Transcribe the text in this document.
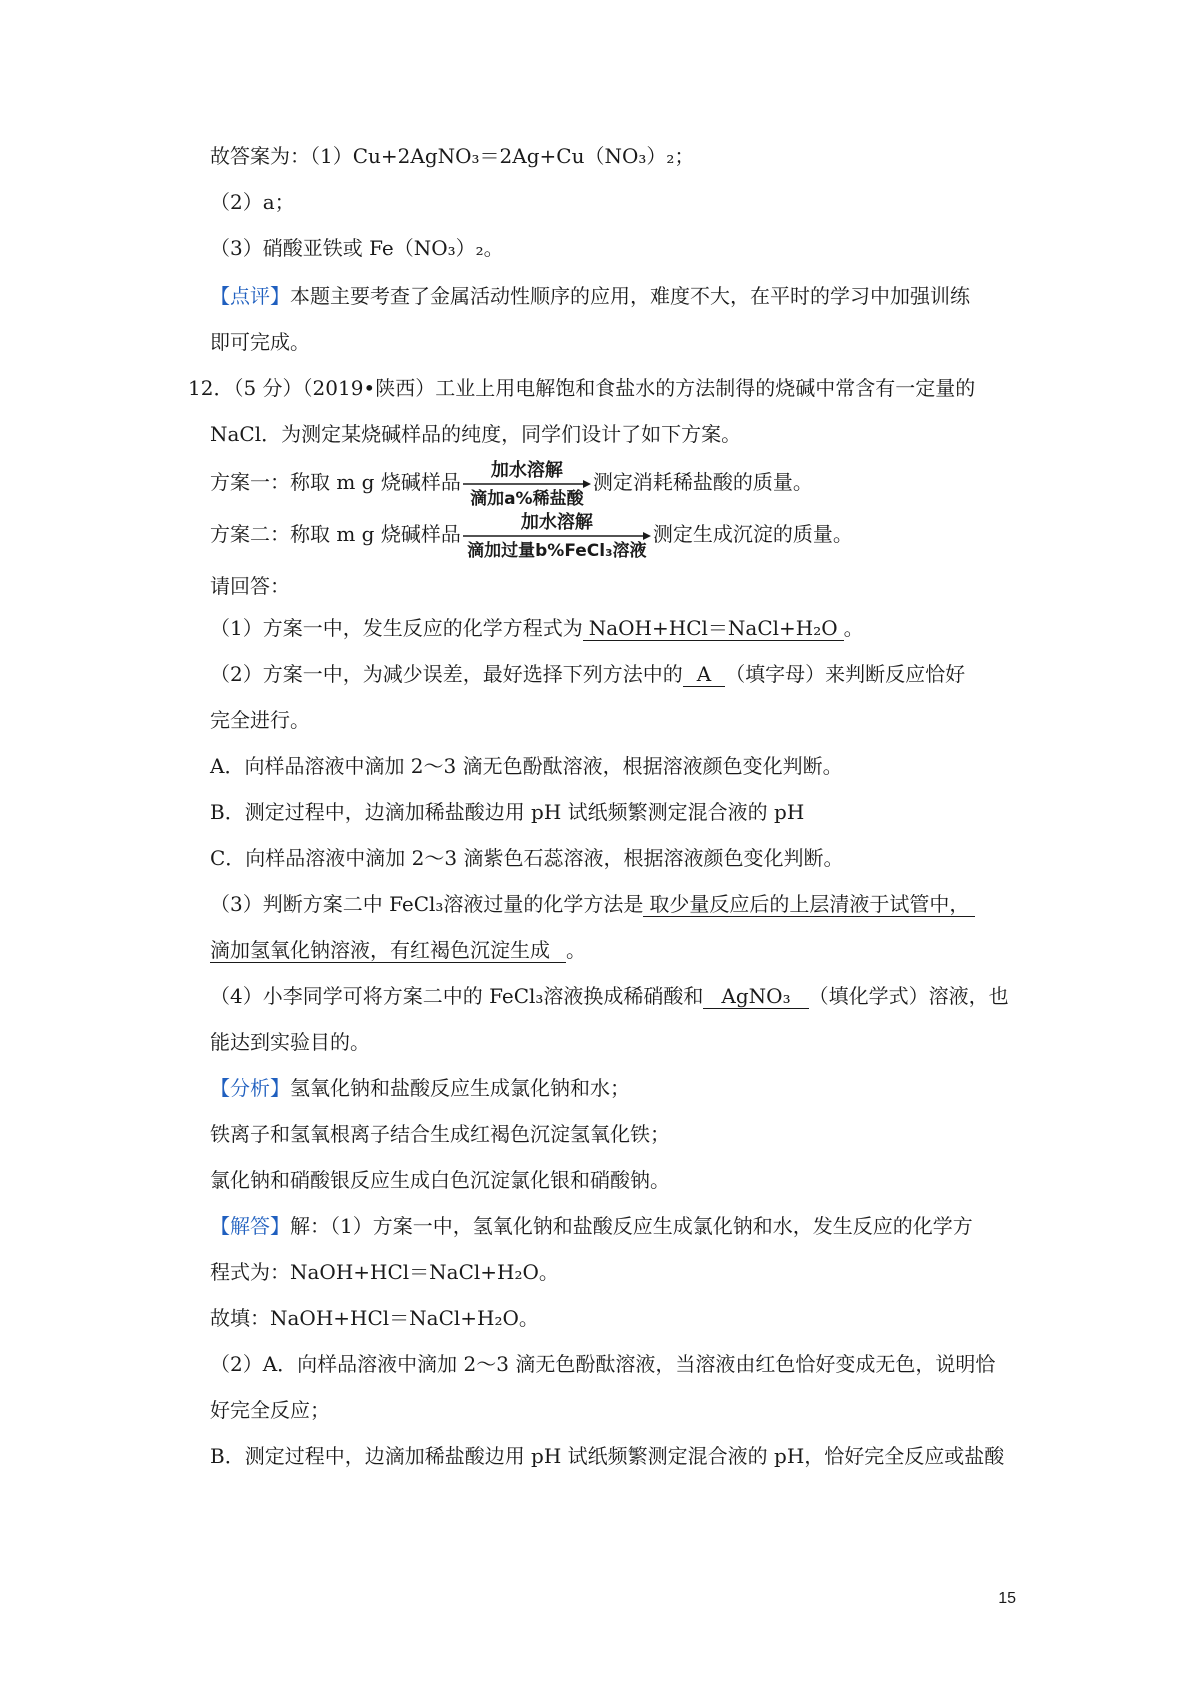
故答案为：（1）Cu+2AgNO₃＝2Ag+Cu（NO₃）₂；
（2）a；
（3）硝酸亚铁或 Fe（NO₃）₂。
【点评】本题主要考查了金属活动性顺序的应用，难度不大，在平时的学习中加强训练
即可完成。
12．（5 分）（2019•陕西）工业上用电解饱和食盐水的方法制得的烧碱中常含有一定量的
NaCl．为测定某烧碱样品的纯度，同学们设计了如下方案。
方案一：称取 m g 烧碱样品	加水溶解
滴加a%稀盐酸
测定消耗稀盐酸的质量。
方案二：称取 m g 烧碱样品	加水溶解
滴加过量b%FeCl₃溶液
测定生成沉淀的质量。
请回答：
（1）方案一中，发生反应的化学方程式为 NaOH+HCl＝NaCl+H₂O 。
（2）方案一中，为减少误差，最好选择下列方法中的 A （填字母）来判断反应恰好
完全进行。
A．向样品溶液中滴加 2～3 滴无色酚酞溶液，根据溶液颜色变化判断。
B．测定过程中，边滴加稀盐酸边用 pH 试纸频繁测定混合液的 pH
C．向样品溶液中滴加 2～3 滴紫色石蕊溶液，根据溶液颜色变化判断。
（3）判断方案二中 FeCl₃溶液过量的化学方法是 取少量反应后的上层清液于试管中，
滴加氢氧化钠溶液，有红褐色沉淀生成 。
（4）小李同学可将方案二中的 FeCl₃溶液换成稀硝酸和 AgNO₃ （填化学式）溶液，也
能达到实验目的。
【分析】氢氧化钠和盐酸反应生成氯化钠和水；
铁离子和氢氧根离子结合生成红褐色沉淀氢氧化铁；
氯化钠和硝酸银反应生成白色沉淀氯化银和硝酸钠。
【解答】解：（1）方案一中，氢氧化钠和盐酸反应生成氯化钠和水，发生反应的化学方
程式为：NaOH+HCl＝NaCl+H₂O。
故填：NaOH+HCl＝NaCl+H₂O。
（2）A．向样品溶液中滴加 2～3 滴无色酚酞溶液，当溶液由红色恰好变成无色，说明恰
好完全反应；
B．测定过程中，边滴加稀盐酸边用 pH 试纸频繁测定混合液的 pH，恰好完全反应或盐酸
15
